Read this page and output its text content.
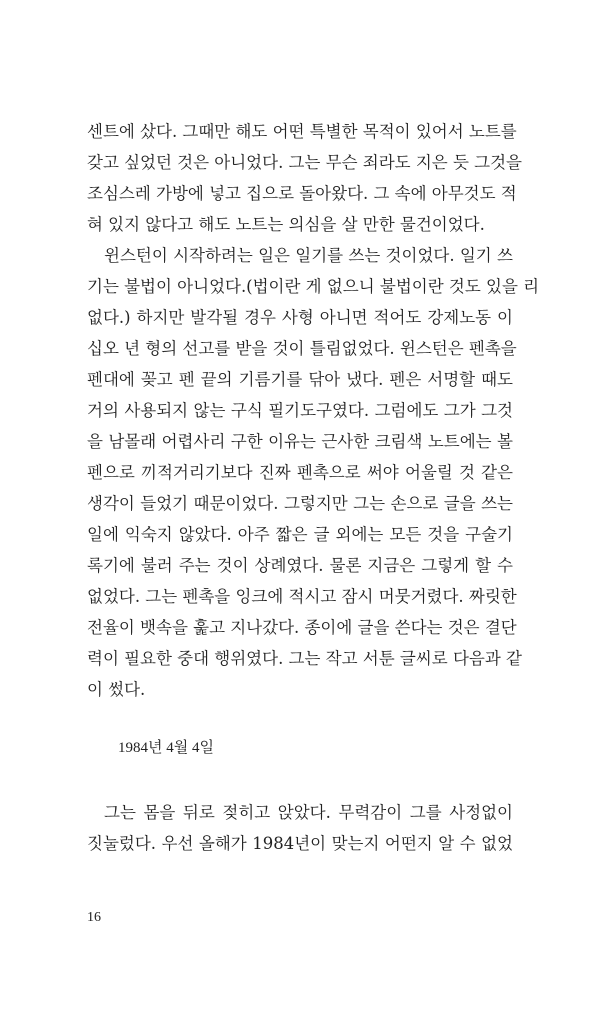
센트에 샀다. 그때만 해도 어떤 특별한 목적이 있어서 노트를
갖고 싶었던 것은 아니었다. 그는 무슨 죄라도 지은 듯 그것을
조심스레 가방에 넣고 집으로 돌아왔다. 그 속에 아무것도 적
혀 있지 않다고 해도 노트는 의심을 살 만한 물건이었다.
윈스턴이 시작하려는 일은 일기를 쓰는 것이었다. 일기 쓰
기는 불법이 아니었다.(법이란 게 없으니 불법이란 것도 있을 리
없다.) 하지만 발각될 경우 사형 아니면 적어도 강제노동 이
십오 년 형의 선고를 받을 것이 틀림없었다. 윈스턴은 펜촉을
펜대에 꽂고 펜 끝의 기름기를 닦아 냈다. 펜은 서명할 때도
거의 사용되지 않는 구식 필기도구였다. 그럼에도 그가 그것
을 남몰래 어렵사리 구한 이유는 근사한 크림색 노트에는 볼
펜으로 끼적거리기보다 진짜 펜촉으로 써야 어울릴 것 같은
생각이 들었기 때문이었다. 그렇지만 그는 손으로 글을 쓰는
일에 익숙지 않았다. 아주 짧은 글 외에는 모든 것을 구술기
록기에 불러 주는 것이 상례였다. 물론 지금은 그렇게 할 수
없었다. 그는 펜촉을 잉크에 적시고 잠시 머뭇거렸다. 짜릿한
전율이 뱃속을 훑고 지나갔다. 종이에 글을 쓴다는 것은 결단
력이 필요한 중대 행위였다. 그는 작고 서툰 글씨로 다음과 같
이 썼다.
1984년 4월 4일
그는 몸을 뒤로 젖히고 앉았다. 무력감이 그를 사정없이
짓눌렀다. 우선 올해가 1984년이 맞는지 어떤지 알 수 없었
16
